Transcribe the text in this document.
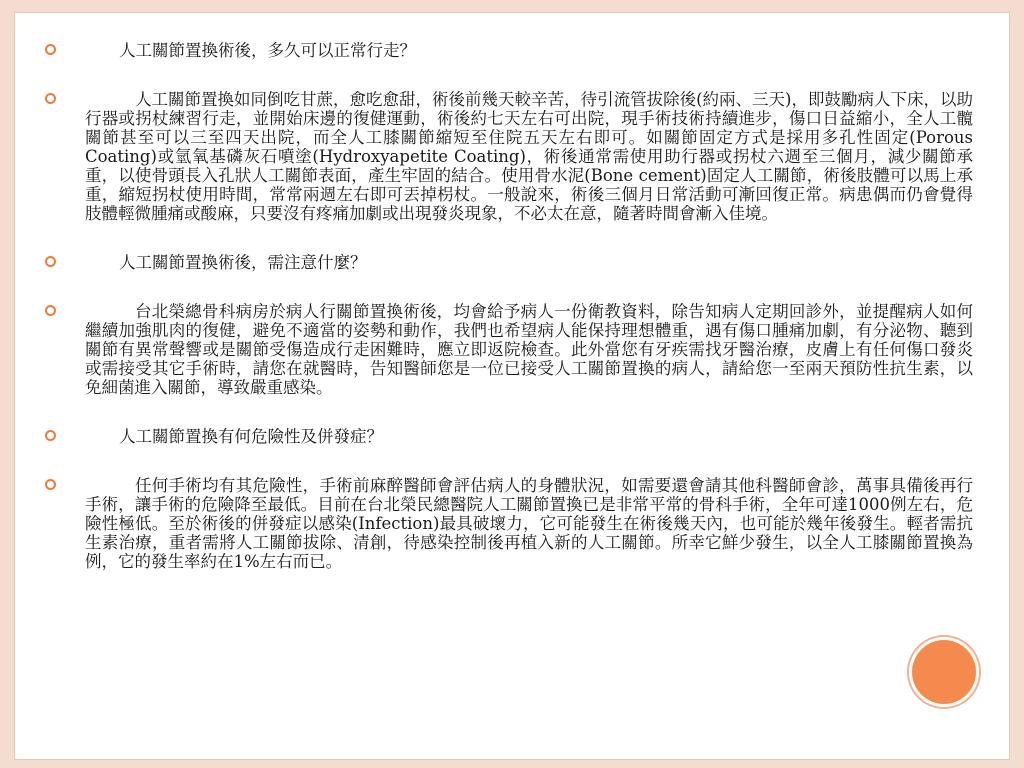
人工關節置換術後，多久可以正常行走？
人工關節置換如同倒吃甘蔗，愈吃愈甜，術後前幾天較辛苦，待引流管拔除後(約兩、三天)，即鼓勵病人下床，以助行器或拐杖練習行走，並開始床邊的復健運動，術後約七天左右可出院，現手術技術持續進步，傷口日益縮小，全人工髖關節甚至可以三至四天出院，而全人工膝關節縮短至住院五天左右即可。如關節固定方式是採用多孔性固定(Porous Coating)或氫氧基磷灰石噴塗(Hydroxyapetite Coating)，術後通常需使用助行器或拐杖六週至三個月，減少關節承重，以使骨頭長入孔狀人工關節表面，產生牢固的結合。使用骨水泥(Bone cement)固定人工關節，術後肢體可以馬上承重，縮短拐杖使用時間，常常兩週左右即可丟掉枴杖。一般說來，術後三個月日常活動可漸回復正常。病患偶而仍會覺得肢體輕微腫痛或酸麻，只要沒有疼痛加劇或出現發炎現象，不必太在意，隨著時間會漸入佳境。
人工關節置換術後，需注意什麼？
台北榮總骨科病房於病人行關節置換術後，均會給予病人一份衛教資料，除告知病人定期回診外，並提醒病人如何繼續加強肌肉的復健，避免不適當的姿勢和動作，我們也希望病人能保持理想體重，遇有傷口腫痛加劇，有分泌物、聽到關節有異常聲響或是關節受傷造成行走困難時，應立即返院檢查。此外當您有牙疾需找牙醫治療，皮膚上有任何傷口發炎或需接受其它手術時，請您在就醫時，告知醫師您是一位已接受人工關節置換的病人，請給您一至兩天預防性抗生素，以免細菌進入關節，導致嚴重感染。
人工關節置換有何危險性及併發症？
任何手術均有其危險性，手術前麻醉醫師會評估病人的身體狀況，如需要還會請其他科醫師會診，萬事具備後再行手術，讓手術的危險降至最低。目前在台北榮民總醫院人工關節置換已是非常平常的骨科手術，全年可達1000例左右，危險性極低。至於術後的併發症以感染(Infection)最具破壞力，它可能發生在術後幾天內，也可能於幾年後發生。輕者需抗生素治療，重者需將人工關節拔除、清創，待感染控制後再植入新的人工關節。所幸它鮮少發生，以全人工膝關節置換為例，它的發生率約在1%左右而已。
